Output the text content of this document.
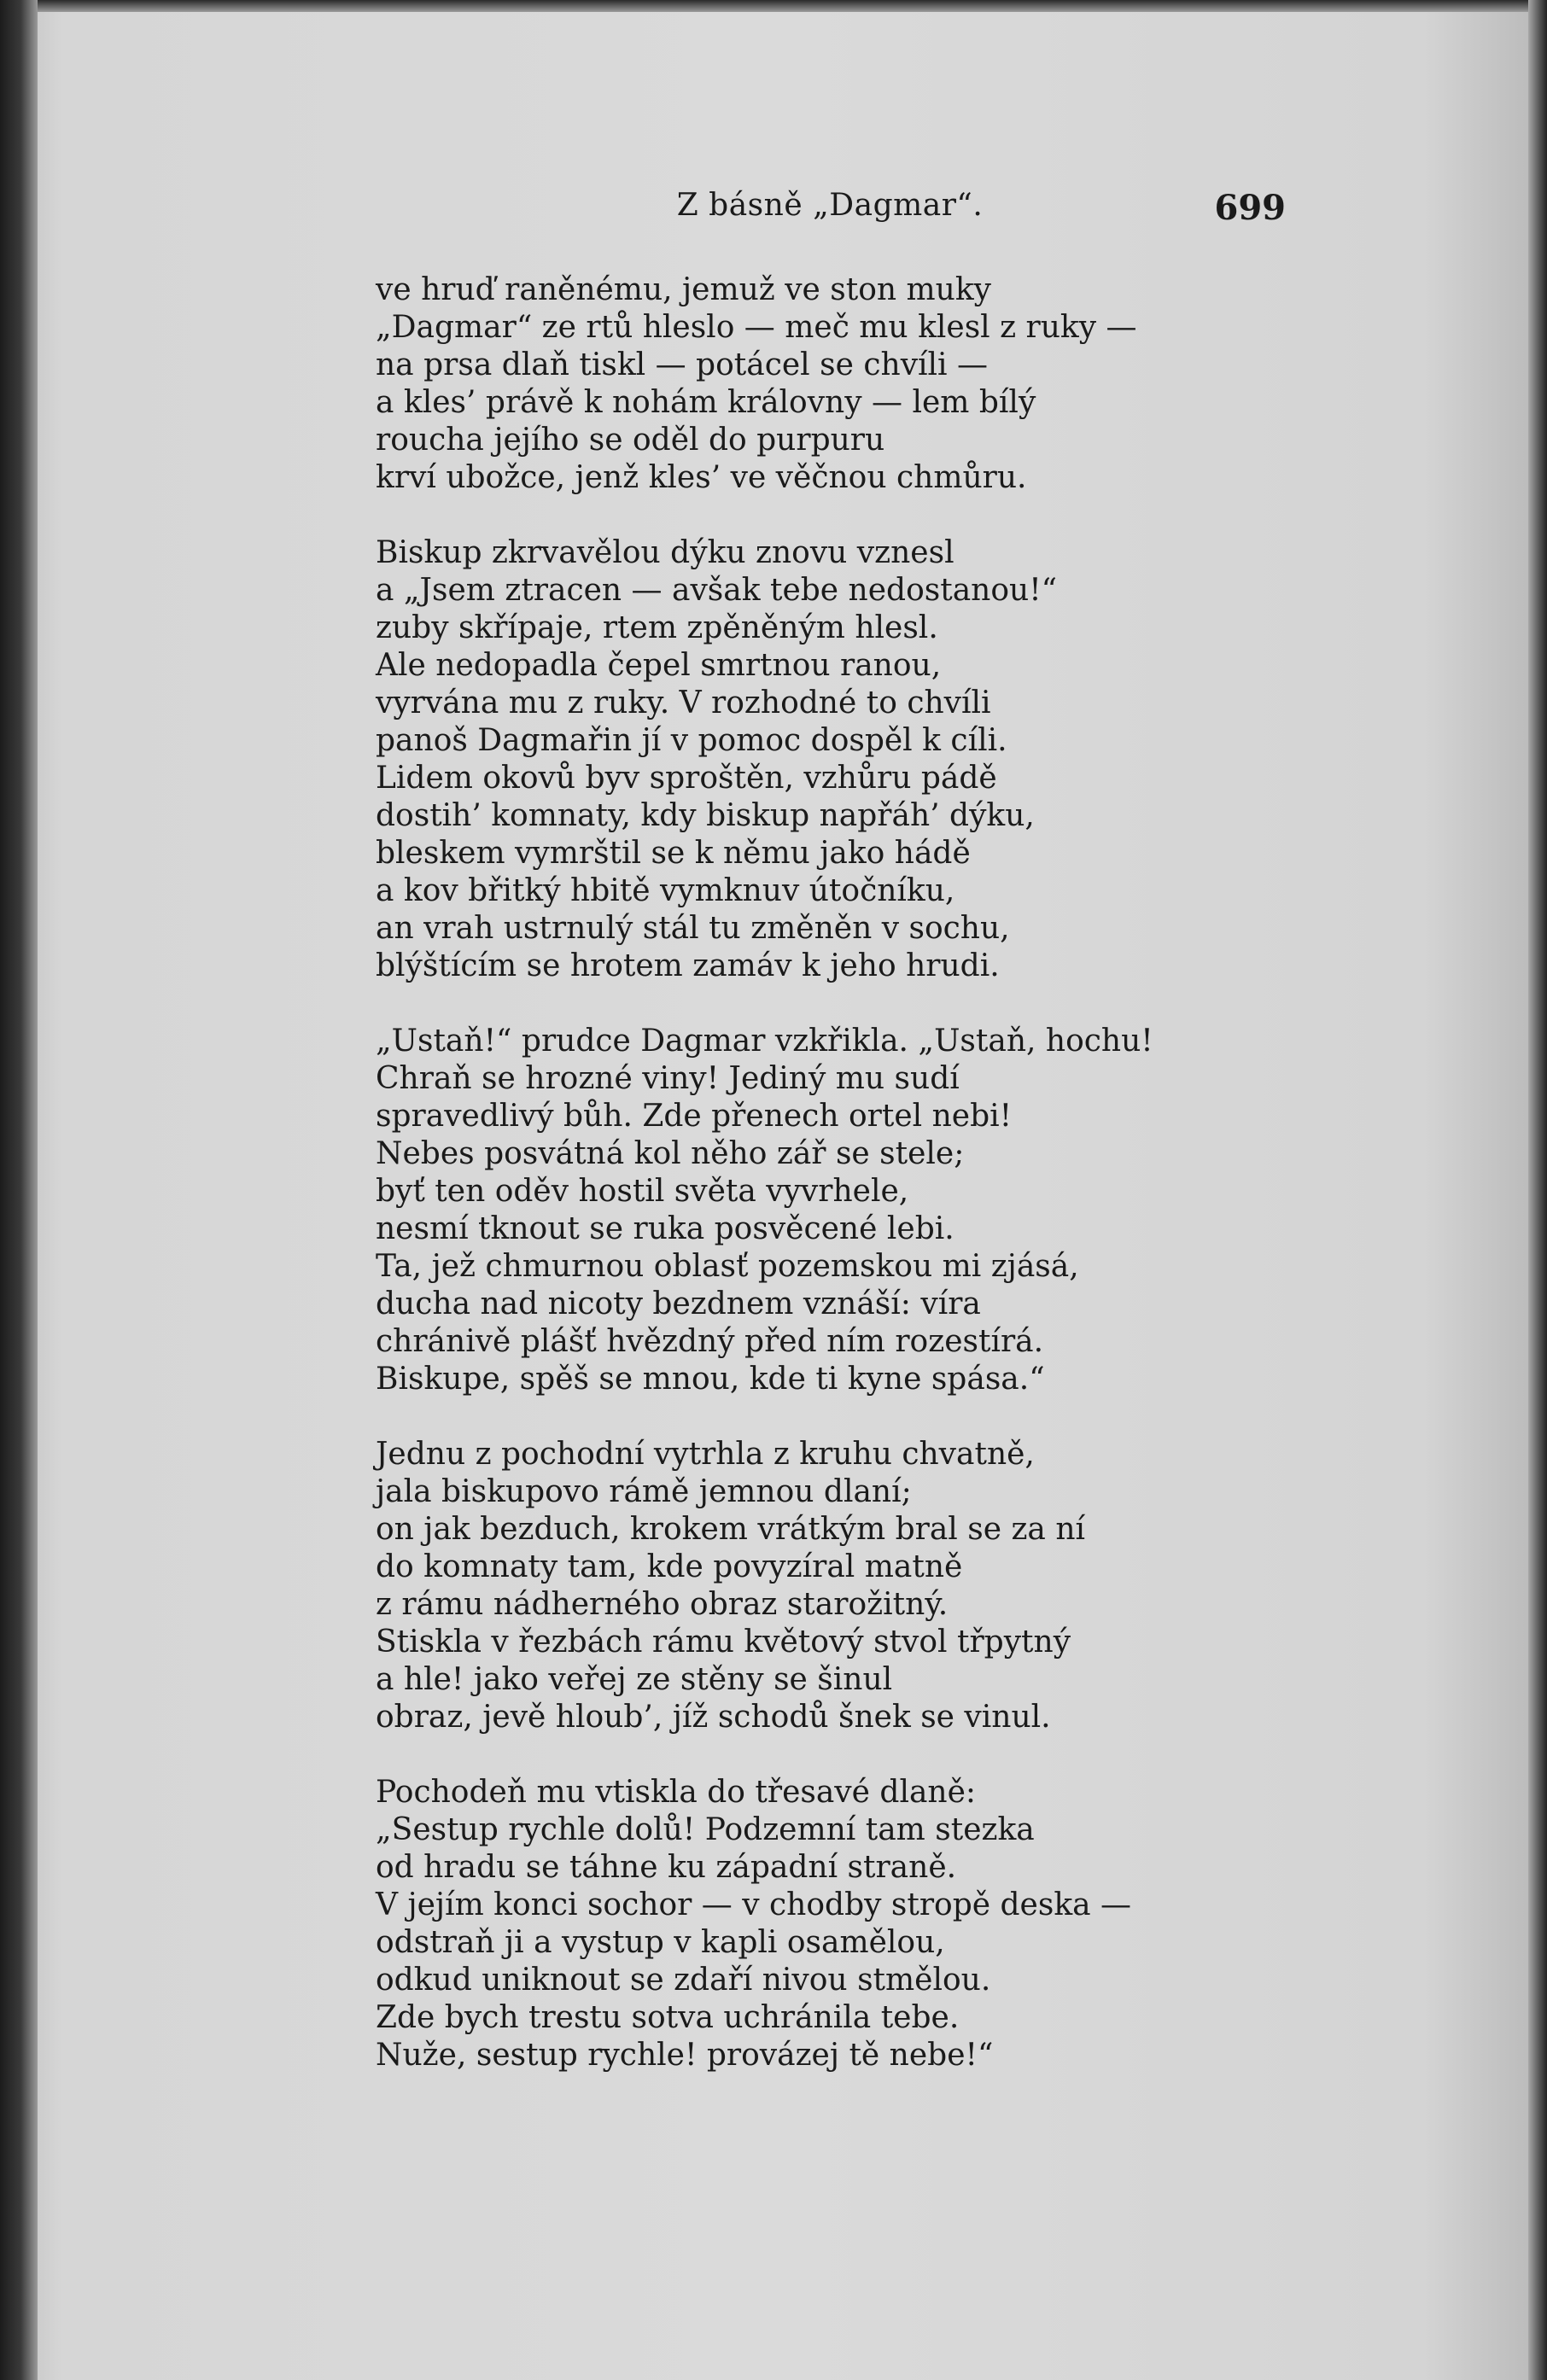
Z básně „Dagmar“.	699
ve hruď raněnému, jemuž ve ston muky
„Dagmar“ ze rtů hleslo — meč mu klesl z ruky —
na prsa dlaň tiskl — potácel se chvíli —
a kles’ právě k nohám královny — lem bílý
roucha jejího se oděl do purpuru
krví ubožce, jenž kles’ ve věčnou chmůru.
Biskup zkrvavělou dýku znovu vznesl
a „Jsem ztracen — avšak tebe nedostanou!“
zuby skřípaje, rtem zpěněným hlesl.
Ale nedopadla čepel smrtnou ranou,
vyrvána mu z ruky. V rozhodné to chvíli
panoš Dagmařin jí v pomoc dospěl k cíli.
Lidem okovů byv sproštěn, vzhůru pádě
dostih’ komnaty, kdy biskup napřáh’ dýku,
bleskem vymrštil se k němu jako hádě
a kov břitký hbitě vymknuv útočníku,
an vrah ustrnulý stál tu změněn v sochu,
blýštícím se hrotem zamáv k jeho hrudi.
„Ustaň!“ prudce Dagmar vzkřikla. „Ustaň, hochu!
Chraň se hrozné viny! Jediný mu sudí
spravedlivý bůh. Zde přenech ortel nebi!
Nebes posvátná kol něho zář se stele;
byť ten oděv hostil světa vyvrhele,
nesmí tknout se ruka posvěcené lebi.
Ta, jež chmurnou oblasť pozemskou mi zjásá,
ducha nad nicoty bezdnem vznáší: víra
chránivě plášť hvězdný před ním rozestírá.
Biskupe, spěš se mnou, kde ti kyne spása.“
Jednu z pochodní vytrhla z kruhu chvatně,
jala biskupovo rámě jemnou dlaní;
on jak bezduch, krokem vrátkým bral se za ní
do komnaty tam, kde povyzíral matně
z rámu nádherného obraz starožitný.
Stiskla v řezbách rámu květový stvol třpytný
a hle! jako veřej ze stěny se šinul
obraz, jevě hloub’, jíž schodů šnek se vinul.
Pochodeň mu vtiskla do třesavé dlaně:
„Sestup rychle dolů! Podzemní tam stezka
od hradu se táhne ku západní straně.
V jejím konci sochor — v chodby stropě deska —
odstraň ji a vystup v kapli osamělou,
odkud uniknout se zdaří nivou stmělou.
Zde bych trestu sotva uchránila tebe.
Nuže, sestup rychle! provázej tě nebe!“
